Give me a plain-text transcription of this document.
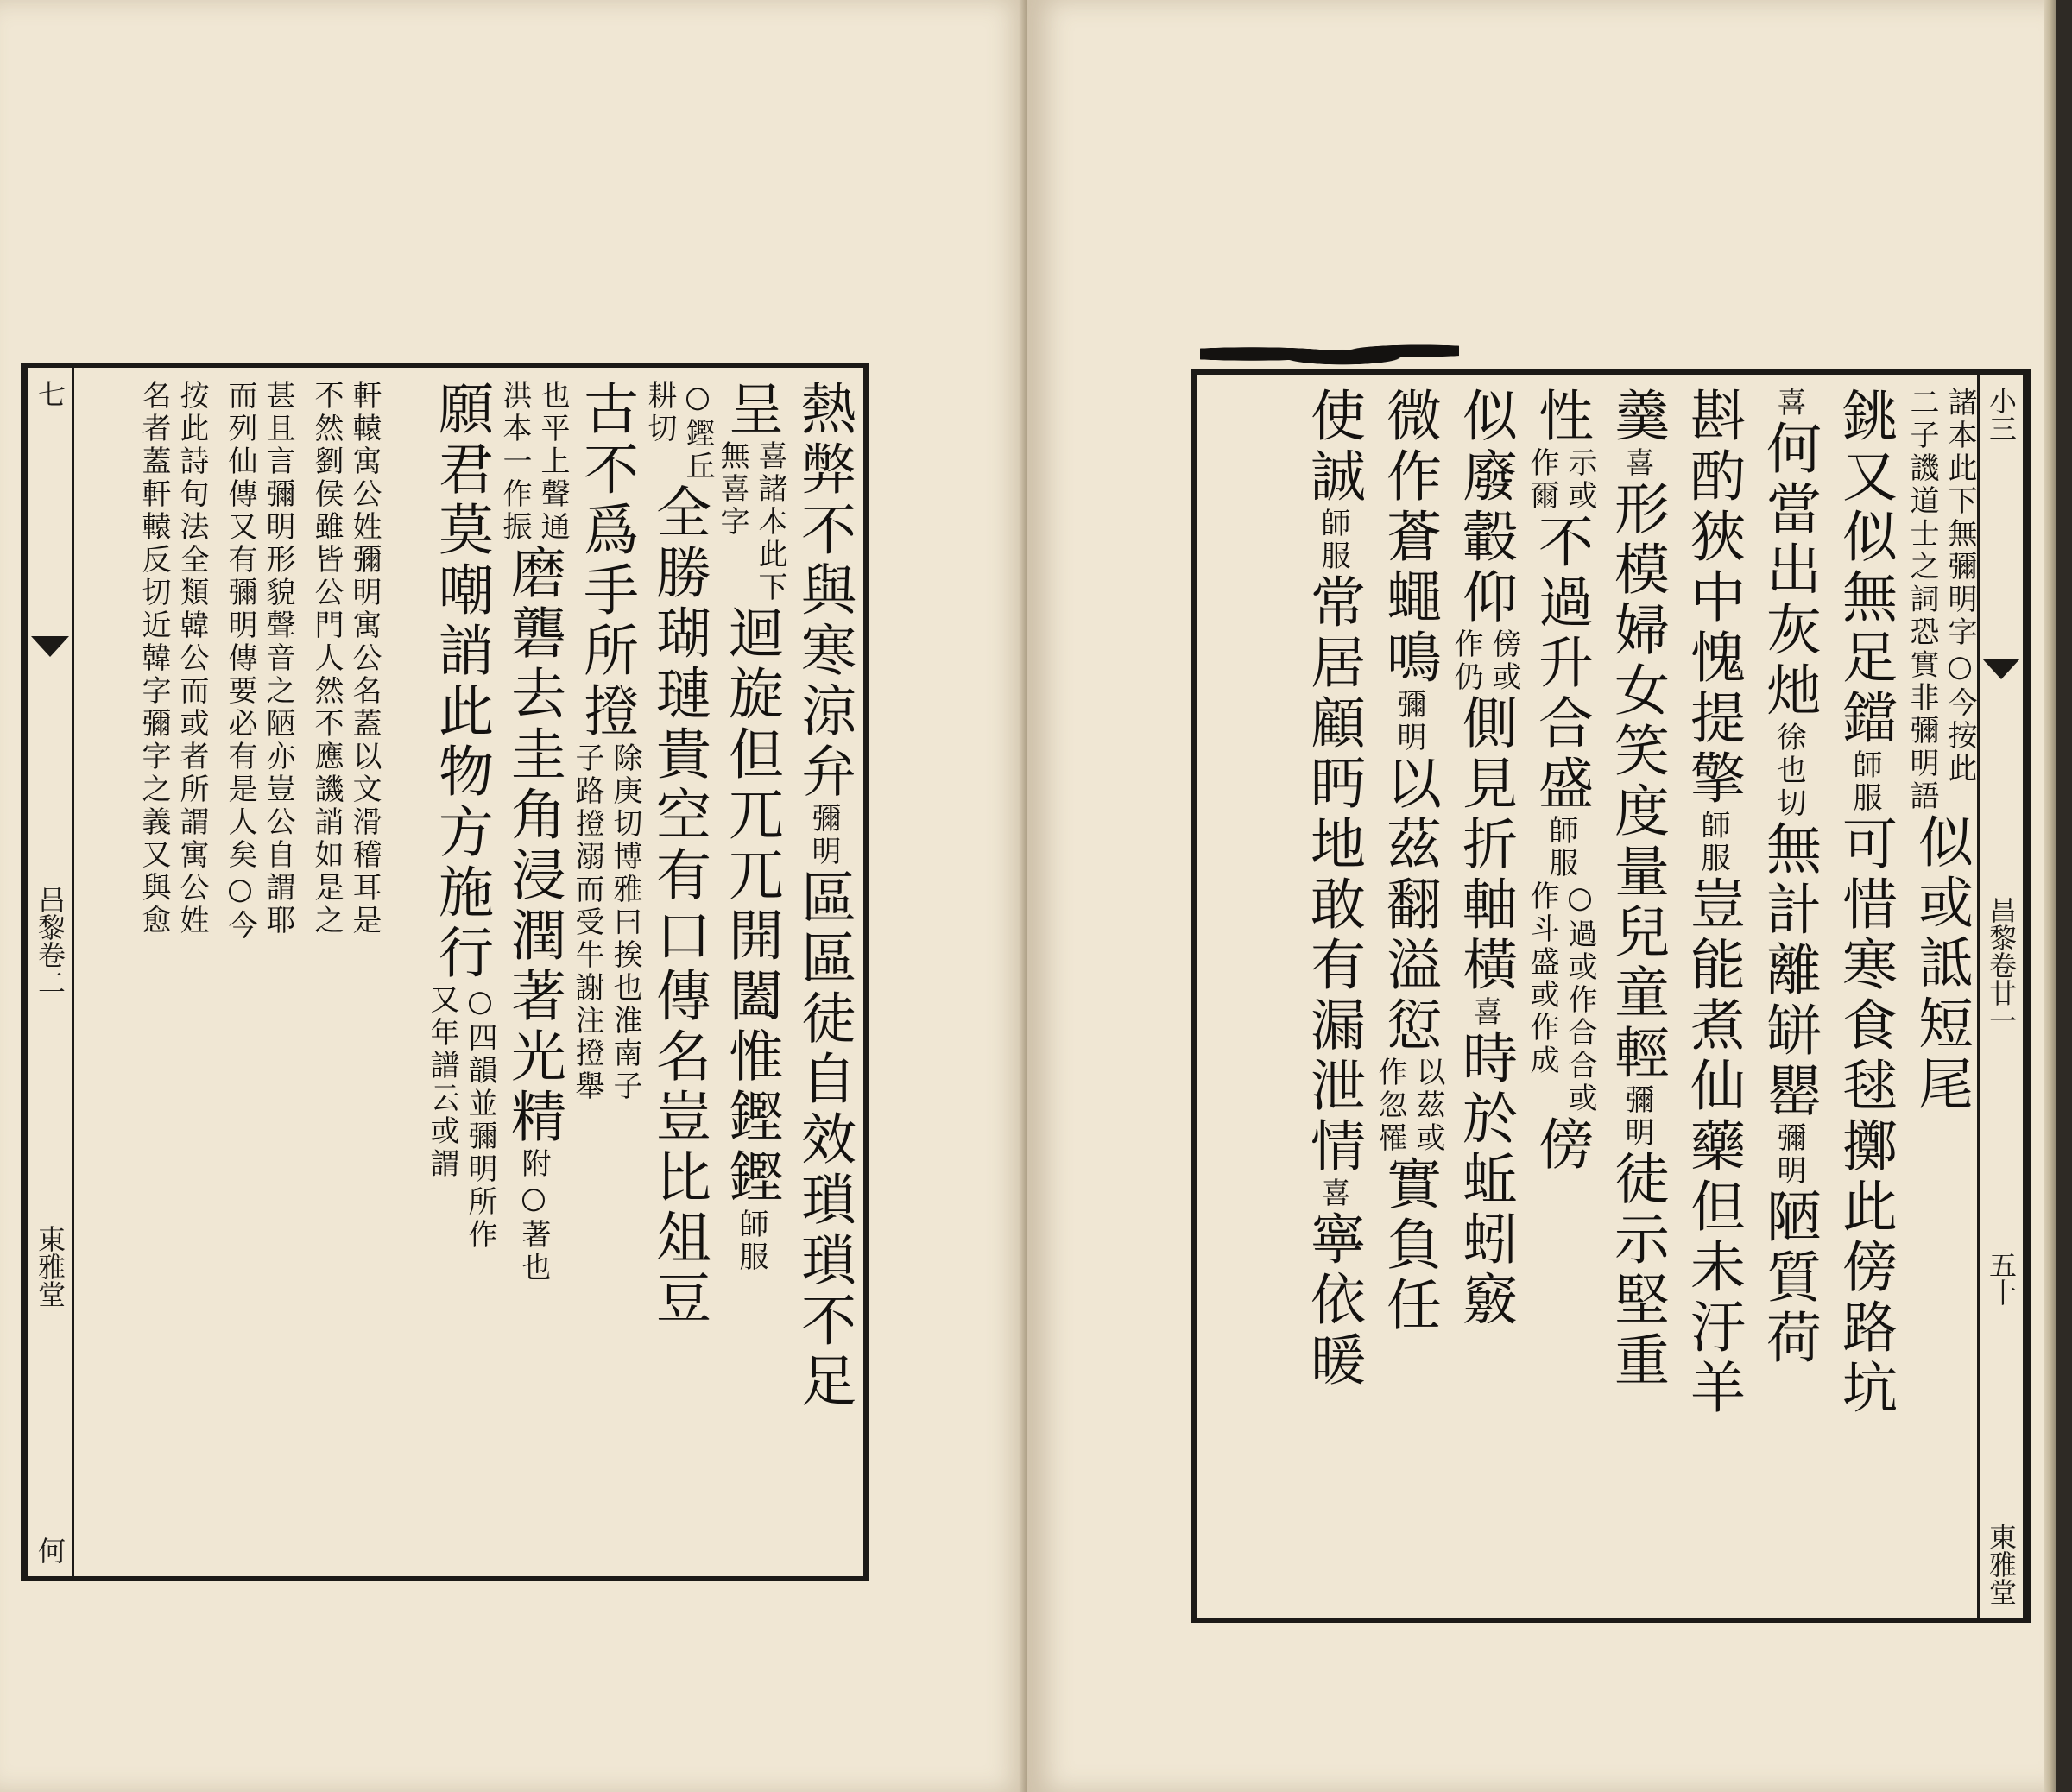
熱弊不與寒涼弁
彌明
區區徒自效瑣瑣不足
呈
喜諸本此下
無喜字
迴旋但兀兀開闔惟鏗鏗
師服
○鏗丘
耕切
全勝瑚璉貴空有口傳名豈比俎豆
古不爲手所撜
除庚切博雅曰挨也淮南子
子路撜溺而受牛謝注撜舉
也平上聲通
洪本一作振
磨礱去圭角浸潤著光精
附○著也
願君莫嘲誚此物方施行
○四韻並彌明所作
又年譜云或謂
軒轅寓公姓彌明寓公名蓋以文滑稽耳是
不然劉侯雖皆公門人然不應譏誚如是之
甚且言彌明形貌聲音之陋亦豈公自謂耶
而列仙傳又有彌明傳要必有是人矣○今
按此詩句法全類韓公而或者所謂寓公姓
名者蓋軒轅反切近韓字彌字之義又與愈
七
昌黎卷二
東雅堂
何
小三
昌黎卷廿一
五十
東雅堂
諸本此下無彌明字○今按此
二子譏道士之詞恐實非彌明語
似或詆短尾
銚又似無足鐺
師服
可惜寒食毬擲此傍路坑
喜
何當出灰灺
徐也切
無計離缾罌
彌明
陋質荷
斟酌狹中愧提擎
師服
豈能煮仙藥但未汙羊
羹
喜
形模婦女笑度量兒童輕
彌明
徒示堅重
性
示或
作爾
不過升合盛
師服
○過或作合合或
作斗盛或作成
傍
似廢轂仰
傍或
作仍
側見折軸橫
喜
時於蚯蚓竅
微作蒼蠅鳴
彌明
以茲翻溢愆
以茲或
作忽罹
實負任
使誠
師服
常居顧眄地敢有漏泄情
喜
寧依暖
